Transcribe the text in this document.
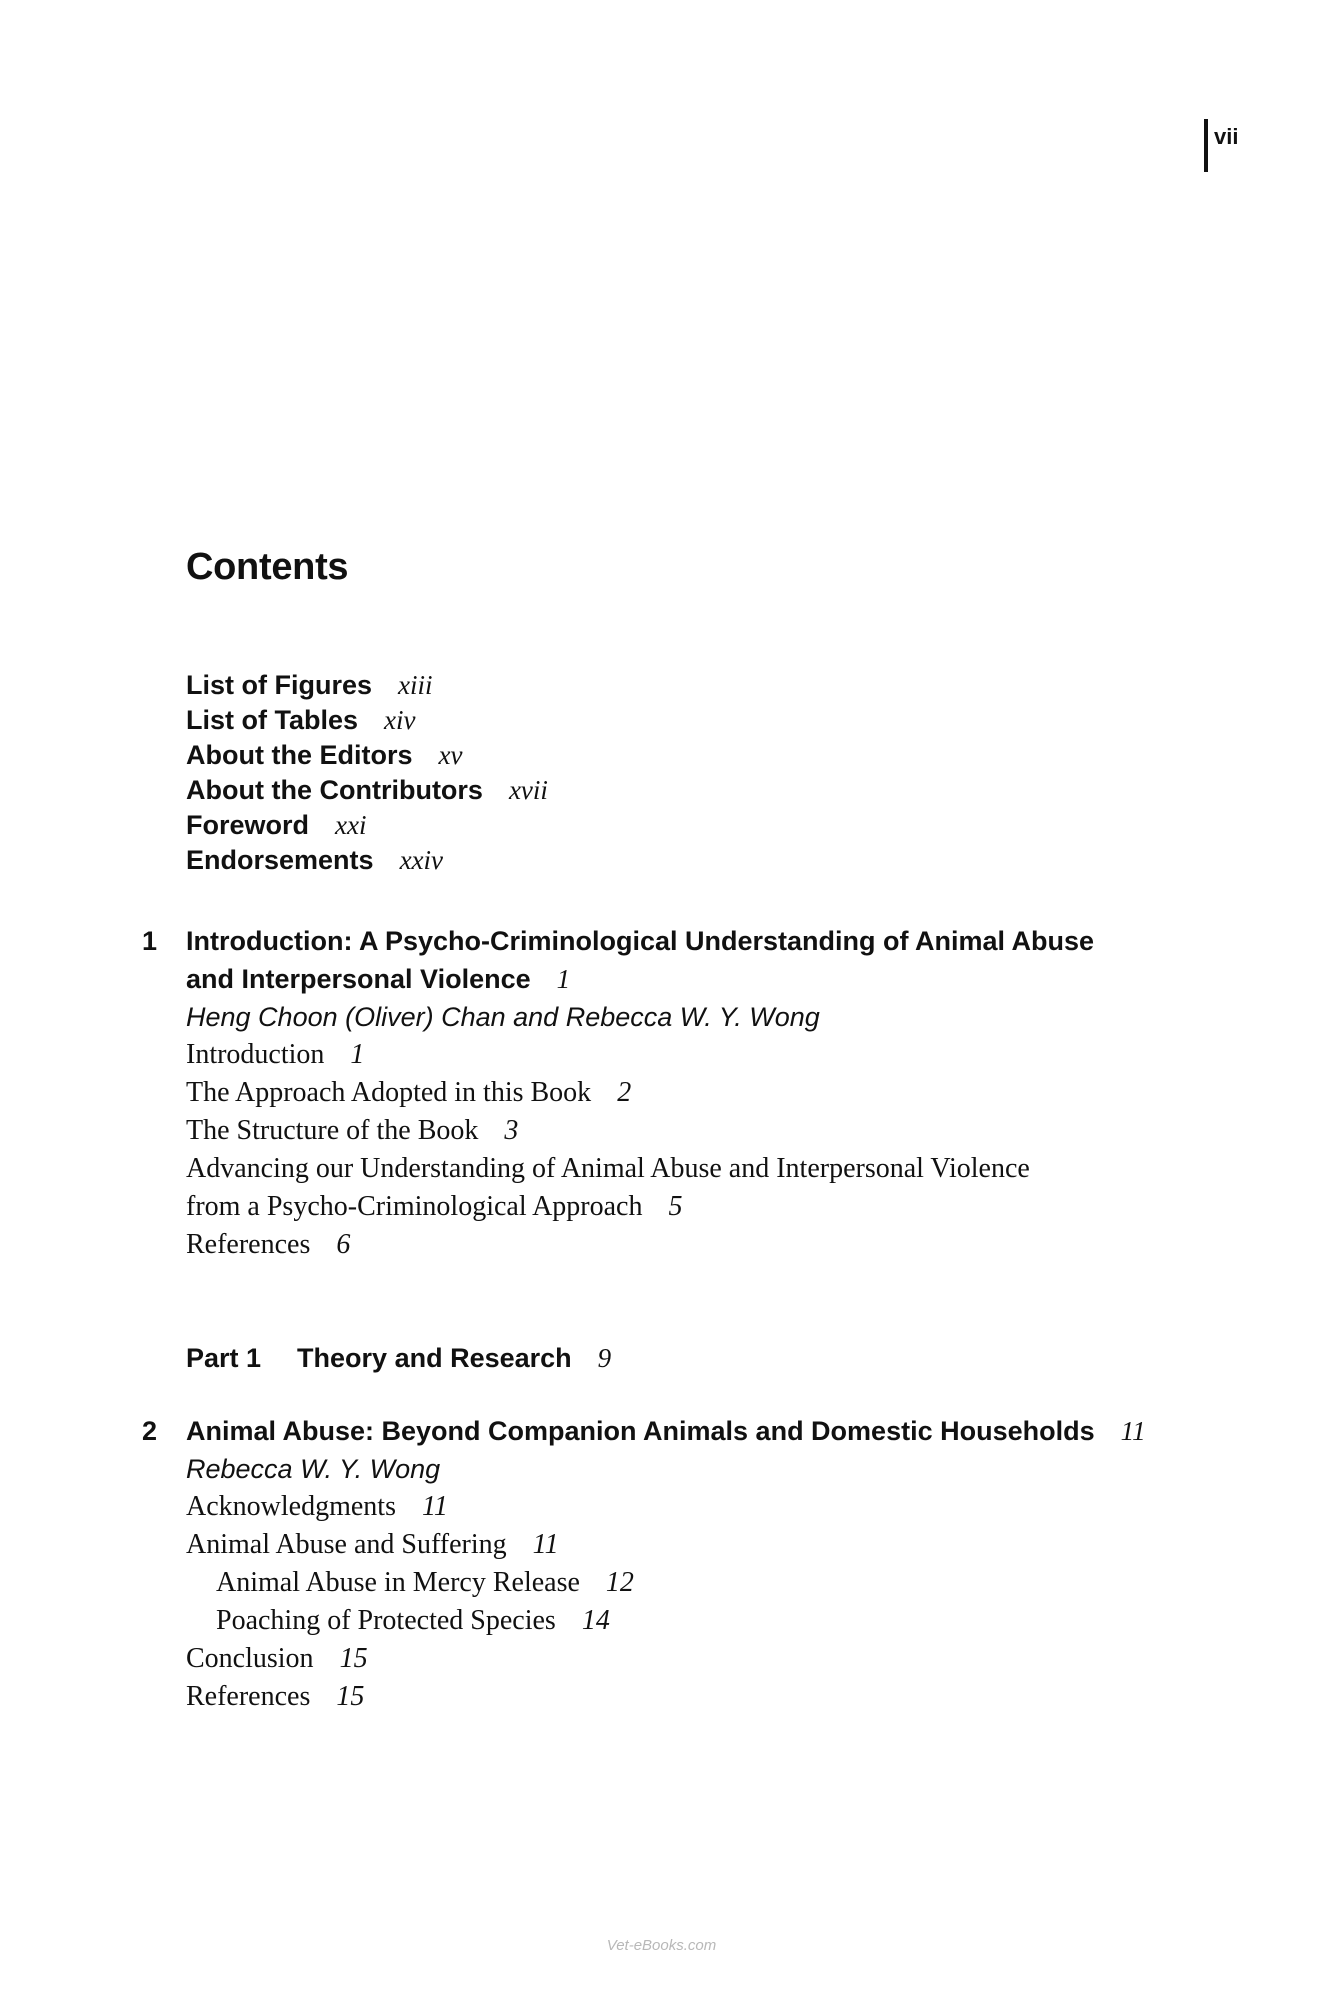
vii
Contents
List of Figures xiii
List of Tables xiv
About the Editors xv
About the Contributors xvii
Foreword xxi
Endorsements xxiv
1 Introduction: A Psycho-Criminological Understanding of Animal Abuse
and Interpersonal Violence 1
Heng Choon (Oliver) Chan and Rebecca W. Y. Wong
Introduction 1
The Approach Adopted in this Book 2
The Structure of the Book 3
Advancing our Understanding of Animal Abuse and Interpersonal Violence
from a Psycho-Criminological Approach 5
References 6
Part 1 Theory and Research 9
2 Animal Abuse: Beyond Companion Animals and Domestic Households 11
Rebecca W. Y. Wong
Acknowledgments 11
Animal Abuse and Suffering 11
Animal Abuse in Mercy Release 12
Poaching of Protected Species 14
Conclusion 15
References 15
Vet-eBooks.com
